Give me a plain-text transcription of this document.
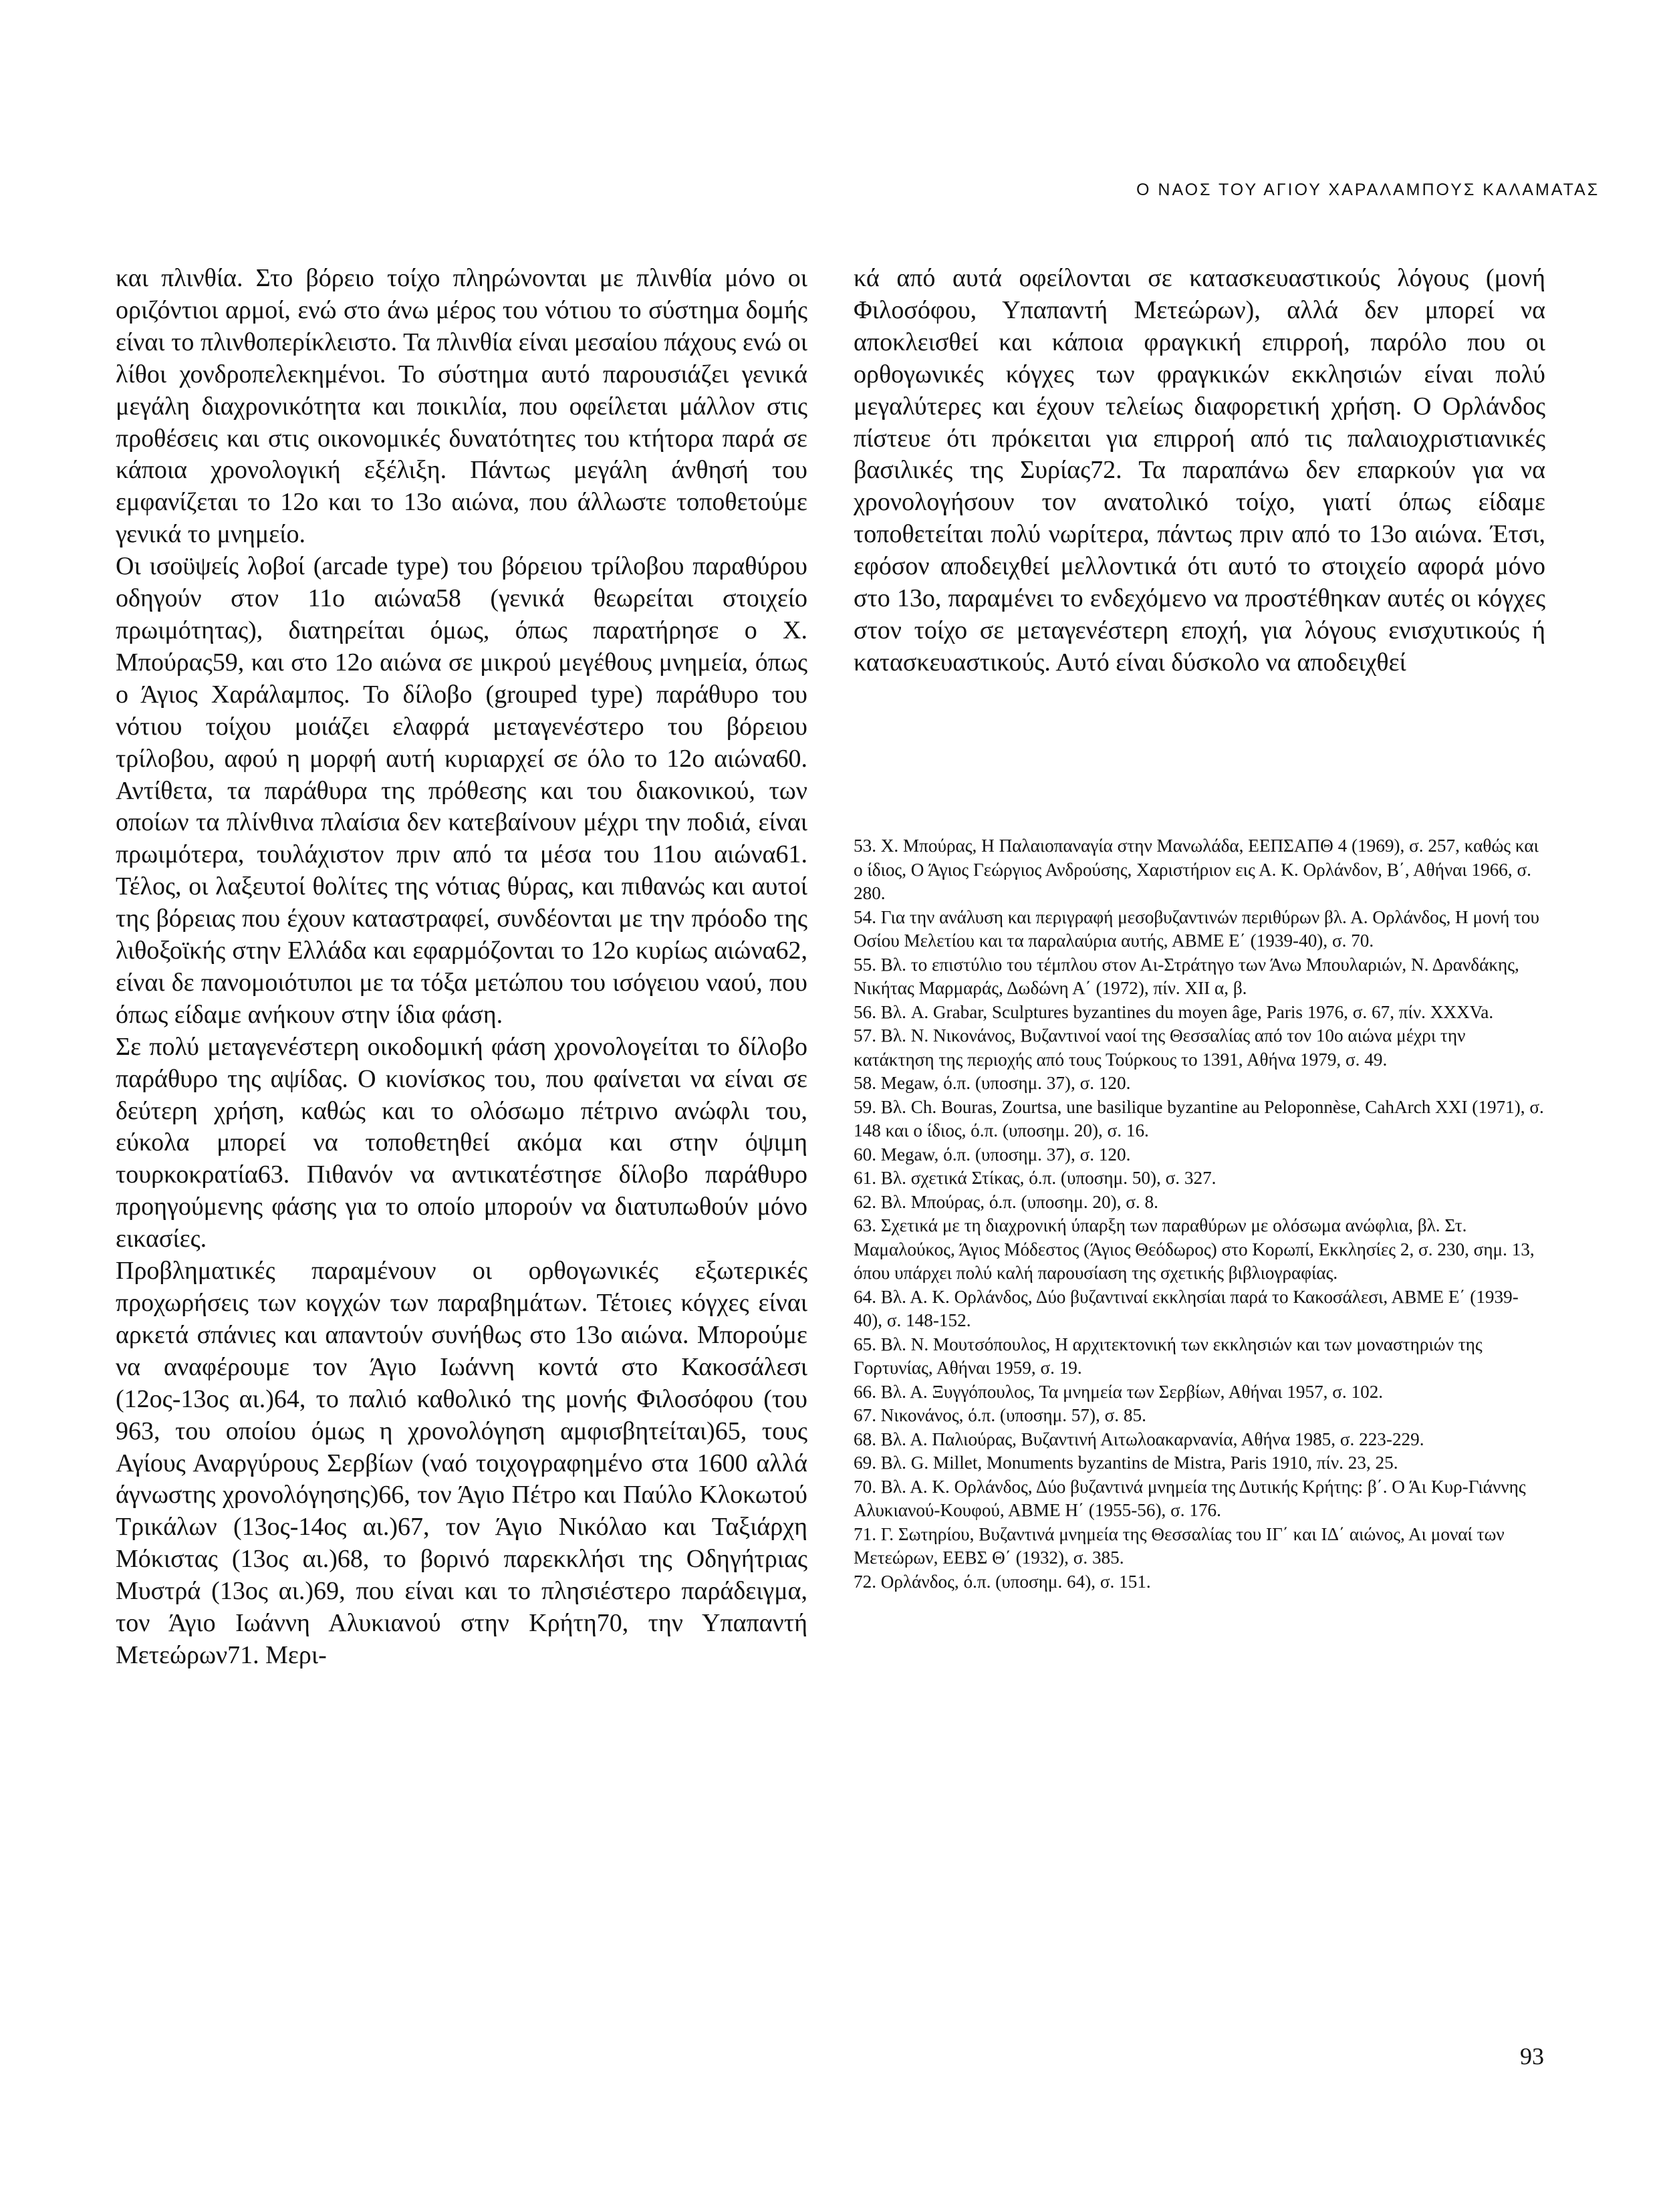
Ο ΝΑΟΣ ΤΟΥ ΑΓΙΟΥ ΧΑΡΑΛΑΜΠΟΥΣ ΚΑΛΑΜΑΤΑΣ

και πλινθία. Στο βόρειο τοίχο πληρώνονται με πλινθία μόνο οι οριζόντιοι αρμοί, ενώ στο άνω μέρος του νότιου το σύστημα δομής είναι το πλινθοπερίκλειστο. Τα πλινθία είναι μεσαίου πάχους ενώ οι λίθοι χονδροπελεκημένοι. Το σύστημα αυτό παρουσιάζει γενικά μεγάλη διαχρονικότητα και ποικιλία, που οφείλεται μάλλον στις προθέσεις και στις οικονομικές δυνατότητες του κτήτορα παρά σε κάποια χρονολογική εξέλιξη. Πάντως μεγάλη άνθησή του εμφανίζεται το 12ο και το 13ο αιώνα, που άλλωστε τοποθετούμε γενικά το μνημείο.

Οι ισοϋψείς λοβοί (arcade type) του βόρειου τρίλοβου παραθύρου οδηγούν στον 11ο αιώνα58 (γενικά θεωρείται στοιχείο πρωιμότητας), διατηρείται όμως, όπως παρατήρησε ο Χ. Μπούρας59, και στο 12ο αιώνα σε μικρού μεγέθους μνημεία, όπως ο Άγιος Χαράλαμπος. Το δίλοβο (grouped type) παράθυρο του νότιου τοίχου μοιάζει ελαφρά μεταγενέστερο του βόρειου τρίλοβου, αφού η μορφή αυτή κυριαρχεί σε όλο το 12ο αιώνα60. Αντίθετα, τα παράθυρα της πρόθεσης και του διακονικού, των οποίων τα πλίνθινα πλαίσια δεν κατεβαίνουν μέχρι την ποδιά, είναι πρωιμότερα, τουλάχιστον πριν από τα μέσα του 11ου αιώνα61. Τέλος, οι λαξευτοί θολίτες της νότιας θύρας, και πιθανώς και αυτοί της βόρειας που έχουν καταστραφεί, συνδέονται με την πρόοδο της λιθοξοϊκής στην Ελλάδα και εφαρμόζονται το 12ο κυρίως αιώνα62, είναι δε πανομοιότυποι με τα τόξα μετώπου του ισόγειου ναού, που όπως είδαμε ανήκουν στην ίδια φάση.

Σε πολύ μεταγενέστερη οικοδομική φάση χρονολογείται το δίλοβο παράθυρο της αψίδας. Ο κιονίσκος του, που φαίνεται να είναι σε δεύτερη χρήση, καθώς και το ολόσωμο πέτρινο ανώφλι του, εύκολα μπορεί να τοποθετηθεί ακόμα και στην όψιμη τουρκοκρατία63. Πιθανόν να αντικατέστησε δίλοβο παράθυρο προηγούμενης φάσης για το οποίο μπορούν να διατυπωθούν μόνο εικασίες.

Προβληματικές παραμένουν οι ορθογωνικές εξωτερικές προχωρήσεις των κογχών των παραβημάτων. Τέτοιες κόγχες είναι αρκετά σπάνιες και απαντούν συνήθως στο 13ο αιώνα. Μπορούμε να αναφέρουμε τον Άγιο Ιωάννη κοντά στο Κακοσάλεσι (12ος-13ος αι.)64, το παλιό καθολικό της μονής Φιλοσόφου (του 963, του οποίου όμως η χρονολόγηση αμφισβητείται)65, τους Αγίους Αναργύρους Σερβίων (ναό τοιχογραφημένο στα 1600 αλλά άγνωστης χρονολόγησης)66, τον Άγιο Πέτρο και Παύλο Κλοκωτού Τρικάλων (13ος-14ος αι.)67, τον Άγιο Νικόλαο και Ταξιάρχη Μόκιστας (13ος αι.)68, το βορινό παρεκκλήσι της Οδηγήτριας Μυστρά (13ος αι.)69, που είναι και το πλησιέστερο παράδειγμα, τον Άγιο Ιωάννη Αλυκιανού στην Κρήτη70, την Υπαπαντή Μετεώρων71. Μερι-

κά από αυτά οφείλονται σε κατασκευαστικούς λόγους (μονή Φιλοσόφου, Υπαπαντή Μετεώρων), αλλά δεν μπορεί να αποκλεισθεί και κάποια φραγκική επιρροή, παρόλο που οι ορθογωνικές κόγχες των φραγκικών εκκλησιών είναι πολύ μεγαλύτερες και έχουν τελείως διαφορετική χρήση. Ο Ορλάνδος πίστευε ότι πρόκειται για επιρροή από τις παλαιοχριστιανικές βασιλικές της Συρίας72. Τα παραπάνω δεν επαρκούν για να χρονολογήσουν τον ανατολικό τοίχο, γιατί όπως είδαμε τοποθετείται πολύ νωρίτερα, πάντως πριν από το 13ο αιώνα. Έτσι, εφόσον αποδειχθεί μελλοντικά ότι αυτό το στοιχείο αφορά μόνο στο 13ο, παραμένει το ενδεχόμενο να προστέθηκαν αυτές οι κόγχες στον τοίχο σε μεταγενέστερη εποχή, για λόγους ενισχυτικούς ή κατασκευαστικούς. Αυτό είναι δύσκολο να αποδειχθεί

53. Χ. Μπούρας, Η Παλαιοπαναγία στην Μανωλάδα, ΕΕΠΣΑΠΘ 4 (1969), σ. 257, καθώς και ο ίδιος, Ο Άγιος Γεώργιος Ανδρούσης, Χαριστήριον εις Α. Κ. Ορλάνδον, Β΄, Αθήναι 1966, σ. 280.

54. Για την ανάλυση και περιγραφή μεσοβυζαντινών περιθύρων βλ. Α. Ορλάνδος, Η μονή του Οσίου Μελετίου και τα παραλαύρια αυτής, ΑΒΜΕ Ε΄ (1939-40), σ. 70.

55. Βλ. το επιστύλιο του τέμπλου στον Αι-Στράτηγο των Άνω Μπουλαριών, Ν. Δρανδάκης, Νικήτας Μαρμαράς, Δωδώνη Α΄ (1972), πίν. XII α, β.

56. Βλ. A. Grabar, Sculptures byzantines du moyen âge, Paris 1976, σ. 67, πίν. XXXVa.

57. Βλ. Ν. Νικονάνος, Βυζαντινοί ναοί της Θεσσαλίας από τον 10ο αιώνα μέχρι την κατάκτηση της περιοχής από τους Τούρκους το 1391, Αθήνα 1979, σ. 49.

58. Megaw, ό.π. (υποσημ. 37), σ. 120.

59. Βλ. Ch. Bouras, Zourtsa, une basilique byzantine au Peloponnèse, CahArch XXI (1971), σ. 148 και ο ίδιος, ό.π. (υποσημ. 20), σ. 16.

60. Megaw, ό.π. (υποσημ. 37), σ. 120.

61. Βλ. σχετικά Στίκας, ό.π. (υποσημ. 50), σ. 327.

62. Βλ. Μπούρας, ό.π. (υποσημ. 20), σ. 8.

63. Σχετικά με τη διαχρονική ύπαρξη των παραθύρων με ολόσωμα ανώφλια, βλ. Στ. Μαμαλούκος, Άγιος Μόδεστος (Άγιος Θεόδωρος) στο Κορωπί, Εκκλησίες 2, σ. 230, σημ. 13, όπου υπάρχει πολύ καλή παρουσίαση της σχετικής βιβλιογραφίας.

64. Βλ. Α. Κ. Ορλάνδος, Δύο βυζαντιναί εκκλησίαι παρά το Κακοσάλεσι, ΑΒΜΕ Ε΄ (1939-40), σ. 148-152.

65. Βλ. Ν. Μουτσόπουλος, Η αρχιτεκτονική των εκκλησιών και των μοναστηριών της Γορτυνίας, Αθήναι 1959, σ. 19.

66. Βλ. Α. Ξυγγόπουλος, Τα μνημεία των Σερβίων, Αθήναι 1957, σ. 102.

67. Νικονάνος, ό.π. (υποσημ. 57), σ. 85.

68. Βλ. Α. Παλιούρας, Βυζαντινή Αιτωλοακαρνανία, Αθήνα 1985, σ. 223-229.

69. Βλ. G. Millet, Monuments byzantins de Mistra, Paris 1910, πίν. 23, 25.

70. Βλ. Α. Κ. Ορλάνδος, Δύο βυζαντινά μνημεία της Δυτικής Κρήτης: β΄. Ο Άι Κυρ-Γιάννης Αλυκιανού-Κουφού, ΑΒΜΕ Η΄ (1955-56), σ. 176.

71. Γ. Σωτηρίου, Βυζαντινά μνημεία της Θεσσαλίας του ΙΓ΄ και ΙΔ΄ αιώνος, Αι μοναί των Μετεώρων, ΕΕΒΣ Θ΄ (1932), σ. 385.

72. Ορλάνδος, ό.π. (υποσημ. 64), σ. 151.

93
